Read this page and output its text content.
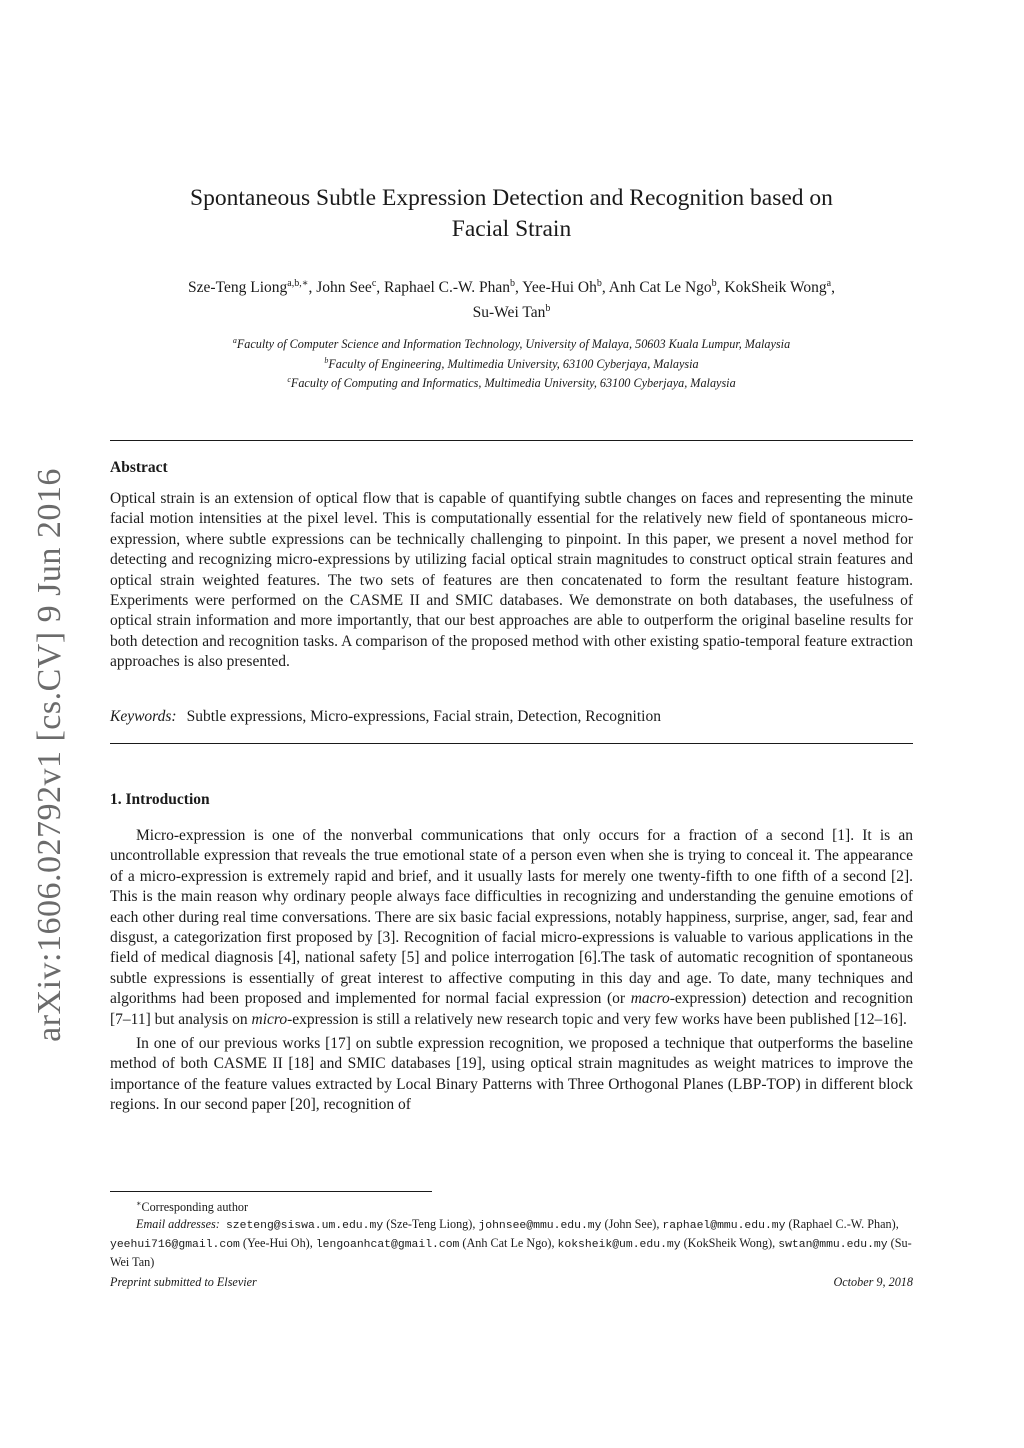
arXiv:1606.02792v1 [cs.CV] 9 Jun 2016
Spontaneous Subtle Expression Detection and Recognition based on
Facial Strain

Sze-Teng Liong$^{a,b,∗}$, John See$^c$, Raphael C.-W. Phan$^b$, Yee-Hui Oh$^b$, Anh Cat Le Ngo$^b$, KokSheik Wong$^a$,
Su-Wei Tan$^b$

$^a$Faculty of Computer Science and Information Technology, University of Malaya, 50603 Kuala Lumpur, Malaysia
$^b$Faculty of Engineering, Multimedia University, 63100 Cyberjaya, Malaysia
$^c$Faculty of Computing and Informatics, Multimedia University, 63100 Cyberjaya, Malaysia

Abstract

Optical strain is an extension of optical flow that is capable of quantifying subtle changes on faces and representing the minute facial motion intensities at the pixel level. This is computationally essential for the relatively new field of spontaneous micro-expression, where subtle expressions can be technically challenging to pinpoint. In this paper, we present a novel method for detecting and recognizing micro-expressions by utilizing facial optical strain magnitudes to construct optical strain features and optical strain weighted features. The two sets of features are then concatenated to form the resultant feature histogram. Experiments were performed on the CASME II and SMIC databases. We demonstrate on both databases, the usefulness of optical strain information and more importantly, that our best approaches are able to outperform the original baseline results for both detection and recognition tasks. A comparison of the proposed method with other existing spatio-temporal feature extraction approaches is also presented.

Keywords: Subtle expressions, Micro-expressions, Facial strain, Detection, Recognition

1. Introduction

Micro-expression is one of the nonverbal communications that only occurs for a fraction of a second [1]. It is an uncontrollable expression that reveals the true emotional state of a person even when she is trying to conceal it. The appearance of a micro-expression is extremely rapid and brief, and it usually lasts for merely one twenty-fifth to one fifth of a second [2]. This is the main reason why ordinary people always face difficulties in recognizing and understanding the genuine emotions of each other during real time conversations. There are six basic facial expressions, notably happiness, surprise, anger, sad, fear and disgust, a categorization first proposed by [3]. Recognition of facial micro-expressions is valuable to various applications in the field of medical diagnosis [4], national safety [5] and police interrogation [6].The task of automatic recognition of spontaneous subtle expressions is essentially of great interest to affective computing in this day and age. To date, many techniques and algorithms had been proposed and implemented for normal facial expression (or macro-expression) detection and recognition [7–11] but analysis on micro-expression is still a relatively new research topic and very few works have been published [12–16].

In one of our previous works [17] on subtle expression recognition, we proposed a technique that outperforms the baseline method of both CASME II [18] and SMIC databases [19], using optical strain magnitudes as weight matrices to improve the importance of the feature values extracted by Local Binary Patterns with Three Orthogonal Planes (LBP-TOP) in different block regions. In our second paper [20], recognition of

∗Corresponding author

Email addresses: szeteng@siswa.um.edu.my (Sze-Teng Liong), johnsee@mmu.edu.my (John See), raphael@mmu.edu.my (Raphael C.-W. Phan), yeehui716@gmail.com (Yee-Hui Oh), lengoanhcat@gmail.com (Anh Cat Le Ngo), koksheik@um.edu.my (KokSheik Wong), swtan@mmu.edu.my (Su-Wei Tan)

Preprint submitted to Elsevier	October 9, 2018
